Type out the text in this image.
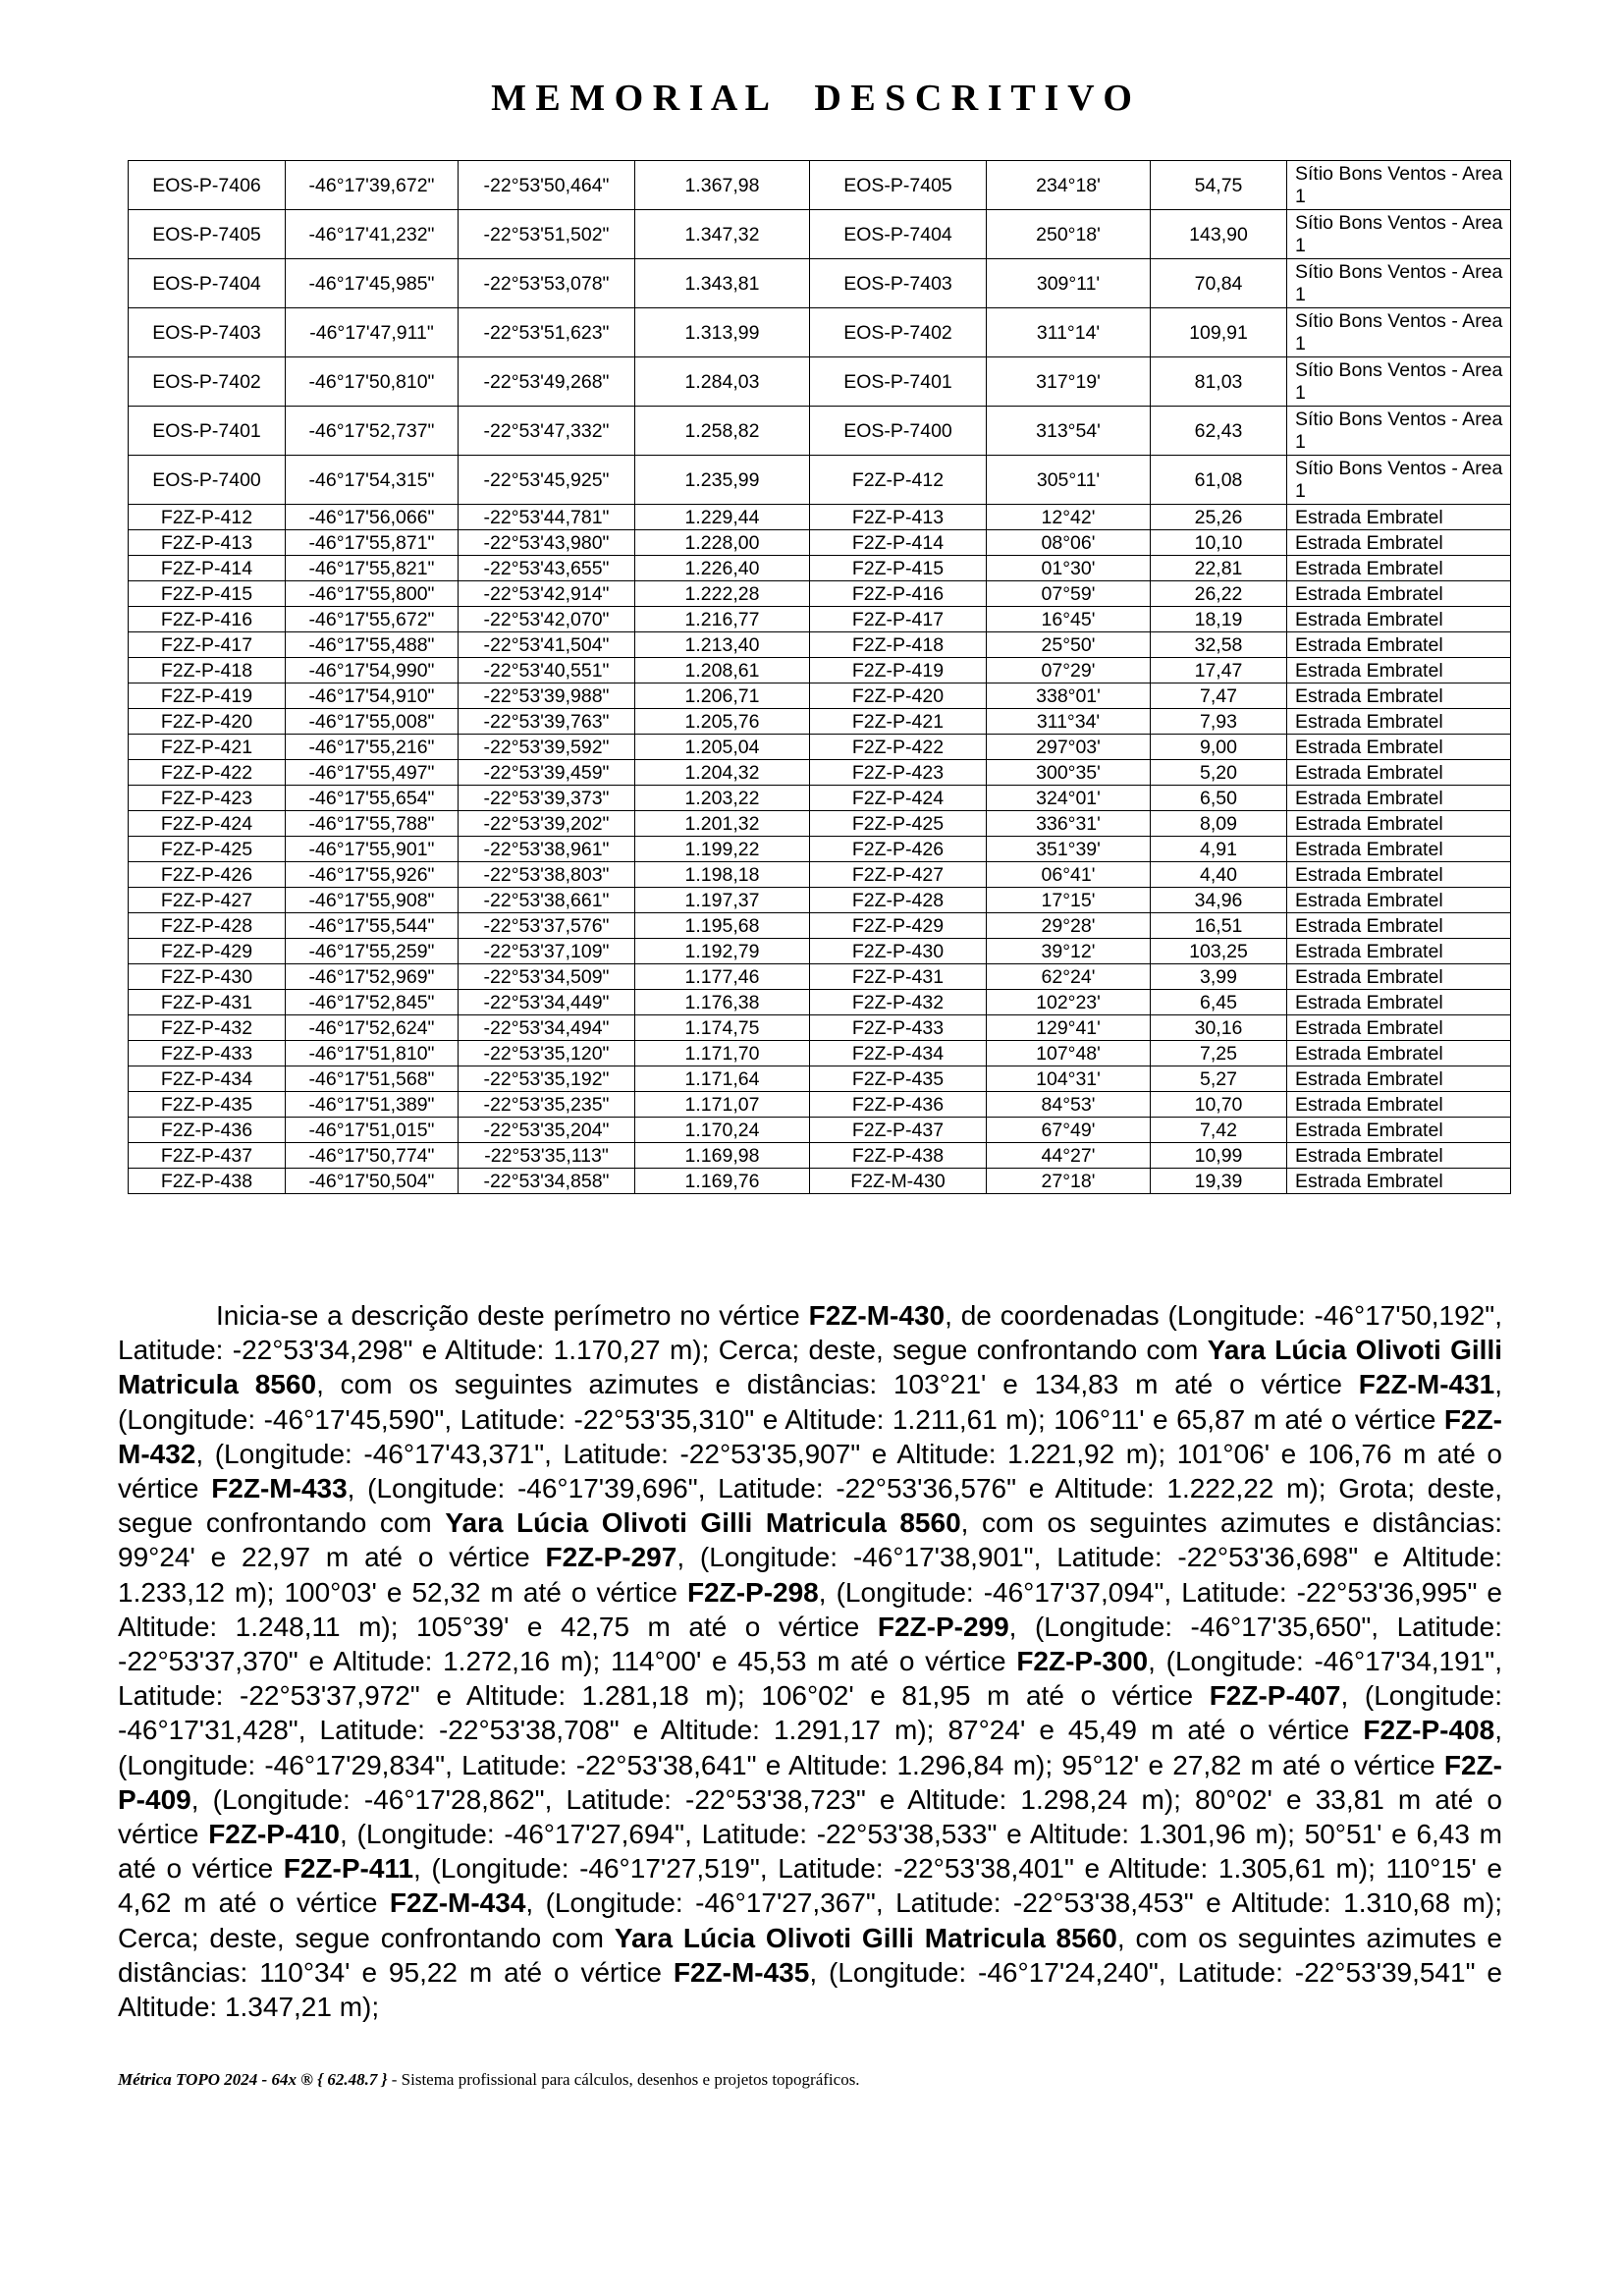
M E M O R I A L     D E S C R I T I V O
EOS-P-7406	-46°17'39,672"	-22°53'50,464"	1.367,98	EOS-P-7405	234°18'	54,75	Sítio Bons Ventos - Area 1
EOS-P-7405	-46°17'41,232"	-22°53'51,502"	1.347,32	EOS-P-7404	250°18'	143,90	Sítio Bons Ventos - Area 1
EOS-P-7404	-46°17'45,985"	-22°53'53,078"	1.343,81	EOS-P-7403	309°11'	70,84	Sítio Bons Ventos - Area 1
EOS-P-7403	-46°17'47,911"	-22°53'51,623"	1.313,99	EOS-P-7402	311°14'	109,91	Sítio Bons Ventos - Area 1
EOS-P-7402	-46°17'50,810"	-22°53'49,268"	1.284,03	EOS-P-7401	317°19'	81,03	Sítio Bons Ventos - Area 1
EOS-P-7401	-46°17'52,737"	-22°53'47,332"	1.258,82	EOS-P-7400	313°54'	62,43	Sítio Bons Ventos - Area 1
EOS-P-7400	-46°17'54,315"	-22°53'45,925"	1.235,99	F2Z-P-412	305°11'	61,08	Sítio Bons Ventos - Area 1
F2Z-P-412	-46°17'56,066"	-22°53'44,781"	1.229,44	F2Z-P-413	12°42'	25,26	Estrada Embratel
F2Z-P-413	-46°17'55,871"	-22°53'43,980"	1.228,00	F2Z-P-414	08°06'	10,10	Estrada Embratel
F2Z-P-414	-46°17'55,821"	-22°53'43,655"	1.226,40	F2Z-P-415	01°30'	22,81	Estrada Embratel
F2Z-P-415	-46°17'55,800"	-22°53'42,914"	1.222,28	F2Z-P-416	07°59'	26,22	Estrada Embratel
F2Z-P-416	-46°17'55,672"	-22°53'42,070"	1.216,77	F2Z-P-417	16°45'	18,19	Estrada Embratel
F2Z-P-417	-46°17'55,488"	-22°53'41,504"	1.213,40	F2Z-P-418	25°50'	32,58	Estrada Embratel
F2Z-P-418	-46°17'54,990"	-22°53'40,551"	1.208,61	F2Z-P-419	07°29'	17,47	Estrada Embratel
F2Z-P-419	-46°17'54,910"	-22°53'39,988"	1.206,71	F2Z-P-420	338°01'	7,47	Estrada Embratel
F2Z-P-420	-46°17'55,008"	-22°53'39,763"	1.205,76	F2Z-P-421	311°34'	7,93	Estrada Embratel
F2Z-P-421	-46°17'55,216"	-22°53'39,592"	1.205,04	F2Z-P-422	297°03'	9,00	Estrada Embratel
F2Z-P-422	-46°17'55,497"	-22°53'39,459"	1.204,32	F2Z-P-423	300°35'	5,20	Estrada Embratel
F2Z-P-423	-46°17'55,654"	-22°53'39,373"	1.203,22	F2Z-P-424	324°01'	6,50	Estrada Embratel
F2Z-P-424	-46°17'55,788"	-22°53'39,202"	1.201,32	F2Z-P-425	336°31'	8,09	Estrada Embratel
F2Z-P-425	-46°17'55,901"	-22°53'38,961"	1.199,22	F2Z-P-426	351°39'	4,91	Estrada Embratel
F2Z-P-426	-46°17'55,926"	-22°53'38,803"	1.198,18	F2Z-P-427	06°41'	4,40	Estrada Embratel
F2Z-P-427	-46°17'55,908"	-22°53'38,661"	1.197,37	F2Z-P-428	17°15'	34,96	Estrada Embratel
F2Z-P-428	-46°17'55,544"	-22°53'37,576"	1.195,68	F2Z-P-429	29°28'	16,51	Estrada Embratel
F2Z-P-429	-46°17'55,259"	-22°53'37,109"	1.192,79	F2Z-P-430	39°12'	103,25	Estrada Embratel
F2Z-P-430	-46°17'52,969"	-22°53'34,509"	1.177,46	F2Z-P-431	62°24'	3,99	Estrada Embratel
F2Z-P-431	-46°17'52,845"	-22°53'34,449"	1.176,38	F2Z-P-432	102°23'	6,45	Estrada Embratel
F2Z-P-432	-46°17'52,624"	-22°53'34,494"	1.174,75	F2Z-P-433	129°41'	30,16	Estrada Embratel
F2Z-P-433	-46°17'51,810"	-22°53'35,120"	1.171,70	F2Z-P-434	107°48'	7,25	Estrada Embratel
F2Z-P-434	-46°17'51,568"	-22°53'35,192"	1.171,64	F2Z-P-435	104°31'	5,27	Estrada Embratel
F2Z-P-435	-46°17'51,389"	-22°53'35,235"	1.171,07	F2Z-P-436	84°53'	10,70	Estrada Embratel
F2Z-P-436	-46°17'51,015"	-22°53'35,204"	1.170,24	F2Z-P-437	67°49'	7,42	Estrada Embratel
F2Z-P-437	-46°17'50,774"	-22°53'35,113"	1.169,98	F2Z-P-438	44°27'	10,99	Estrada Embratel
F2Z-P-438	-46°17'50,504"	-22°53'34,858"	1.169,76	F2Z-M-430	27°18'	19,39	Estrada Embratel
Inicia-se a descrição deste perímetro no vértice F2Z-M-430, de coordenadas (Longitude: -46°17'50,192", Latitude: -22°53'34,298" e Altitude: 1.170,27 m); Cerca; deste, segue confrontando com Yara Lúcia Olivoti Gilli Matricula 8560, com os seguintes azimutes e distâncias: 103°21' e 134,83 m até o vértice F2Z-M-431, (Longitude: -46°17'45,590", Latitude: -22°53'35,310" e Altitude: 1.211,61 m); 106°11' e 65,87 m até o vértice F2Z-M-432, (Longitude: -46°17'43,371", Latitude: -22°53'35,907" e Altitude: 1.221,92 m); 101°06' e 106,76 m até o vértice F2Z-M-433, (Longitude: -46°17'39,696", Latitude: -22°53'36,576" e Altitude: 1.222,22 m); Grota; deste, segue confrontando com Yara Lúcia Olivoti Gilli Matricula 8560, com os seguintes azimutes e distâncias: 99°24' e 22,97 m até o vértice F2Z-P-297, (Longitude: -46°17'38,901", Latitude: -22°53'36,698" e Altitude: 1.233,12 m); 100°03' e 52,32 m até o vértice F2Z-P-298, (Longitude: -46°17'37,094", Latitude: -22°53'36,995" e Altitude: 1.248,11 m); 105°39' e 42,75 m até o vértice F2Z-P-299, (Longitude: -46°17'35,650", Latitude: -22°53'37,370" e Altitude: 1.272,16 m); 114°00' e 45,53 m até o vértice F2Z-P-300, (Longitude: -46°17'34,191", Latitude: -22°53'37,972" e Altitude: 1.281,18 m); 106°02' e 81,95 m até o vértice F2Z-P-407, (Longitude: -46°17'31,428", Latitude: -22°53'38,708" e Altitude: 1.291,17 m); 87°24' e 45,49 m até o vértice F2Z-P-408, (Longitude: -46°17'29,834", Latitude: -22°53'38,641" e Altitude: 1.296,84 m); 95°12' e 27,82 m até o vértice F2Z-P-409, (Longitude: -46°17'28,862", Latitude: -22°53'38,723" e Altitude: 1.298,24 m); 80°02' e 33,81 m até o vértice F2Z-P-410, (Longitude: -46°17'27,694", Latitude: -22°53'38,533" e Altitude: 1.301,96 m); 50°51' e 6,43 m até o vértice F2Z-P-411, (Longitude: -46°17'27,519", Latitude: -22°53'38,401" e Altitude: 1.305,61 m); 110°15' e 4,62 m até o vértice F2Z-M-434, (Longitude: -46°17'27,367", Latitude: -22°53'38,453" e Altitude: 1.310,68 m); Cerca; deste, segue confrontando com Yara Lúcia Olivoti Gilli Matricula 8560, com os seguintes azimutes e distâncias: 110°34' e 95,22 m até o vértice F2Z-M-435, (Longitude: -46°17'24,240", Latitude: -22°53'39,541" e Altitude: 1.347,21 m);
Métrica TOPO 2024 - 64x ® { 62.48.7 } - Sistema profissional para cálculos, desenhos e projetos topográficos.
